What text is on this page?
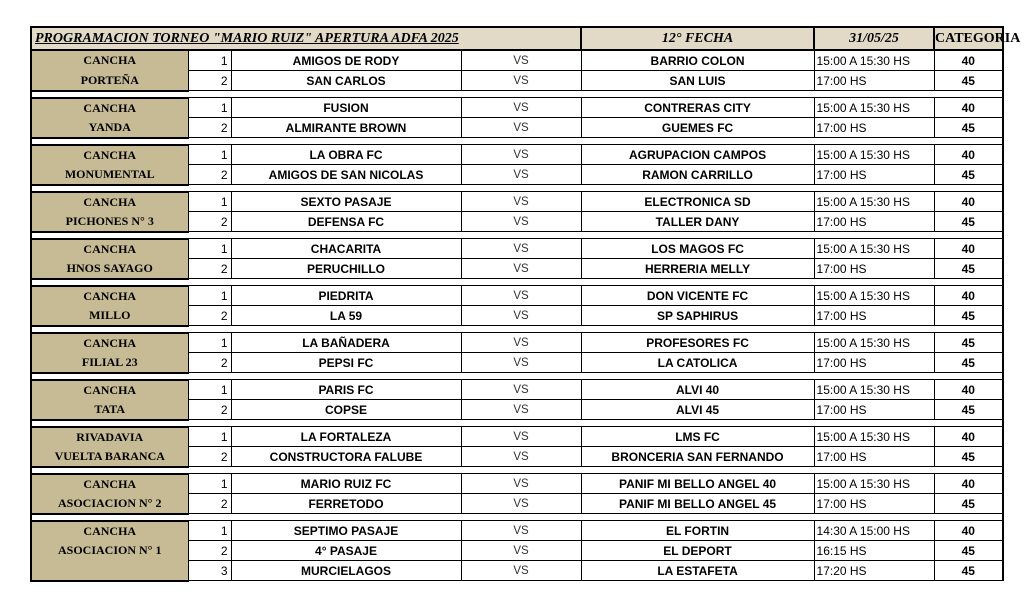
PROGRAMACION TORNEO "MARIO RUIZ" APERTURA ADFA 2025				12° FECHA	31/05/25	CATEGORIA
CANCHA	1	AMIGOS DE RODY	VS	BARRIO COLON	15:00 A 15:30 HS	40
PORTEÑA	2	SAN CARLOS	VS	SAN LUIS	17:00 HS	45

CANCHA	1	FUSION	VS	CONTRERAS CITY	15:00 A 15:30 HS	40
YANDA	2	ALMIRANTE BROWN	VS	GUEMES FC	17:00 HS	45

CANCHA	1	LA OBRA FC	VS	AGRUPACION CAMPOS	15:00 A 15:30 HS	40
MONUMENTAL	2	AMIGOS DE SAN NICOLAS	VS	RAMON CARRILLO	17:00 HS	45

CANCHA	1	SEXTO PASAJE	VS	ELECTRONICA SD	15:00 A 15:30 HS	40
PICHONES N° 3	2	DEFENSA FC	VS	TALLER DANY	17:00 HS	45

CANCHA	1	CHACARITA	VS	LOS MAGOS FC	15:00 A 15:30 HS	40
HNOS SAYAGO	2	PERUCHILLO	VS	HERRERIA MELLY	17:00 HS	45

CANCHA	1	PIEDRITA	VS	DON VICENTE FC	15:00 A 15:30 HS	40
MILLO	2	LA 59	VS	SP SAPHIRUS	17:00 HS	45

CANCHA	1	LA BAÑADERA	VS	PROFESORES FC	15:00 A 15:30 HS	45
FILIAL 23	2	PEPSI FC	VS	LA CATOLICA	17:00 HS	45

CANCHA	1	PARIS FC	VS	ALVI 40	15:00 A 15:30 HS	40
TATA	2	COPSE	VS	ALVI 45	17:00 HS	45

RIVADAVIA	1	LA FORTALEZA	VS	LMS FC	15:00 A 15:30 HS	40
VUELTA BARANCA	2	CONSTRUCTORA FALUBE	VS	BRONCERIA SAN FERNANDO	17:00 HS	45

CANCHA	1	MARIO RUIZ FC	VS	PANIF MI BELLO ANGEL 40	15:00 A 15:30 HS	40
ASOCIACION N° 2	2	FERRETODO	VS	PANIF MI BELLO ANGEL 45	17:00 HS	45

CANCHA	1	SEPTIMO PASAJE	VS	EL FORTIN	14:30 A 15:00 HS	40
ASOCIACION N° 1	2	4° PASAJE	VS	EL DEPORT	16:15 HS	45
	3	MURCIELAGOS	VS	LA ESTAFETA	17:20 HS	45
